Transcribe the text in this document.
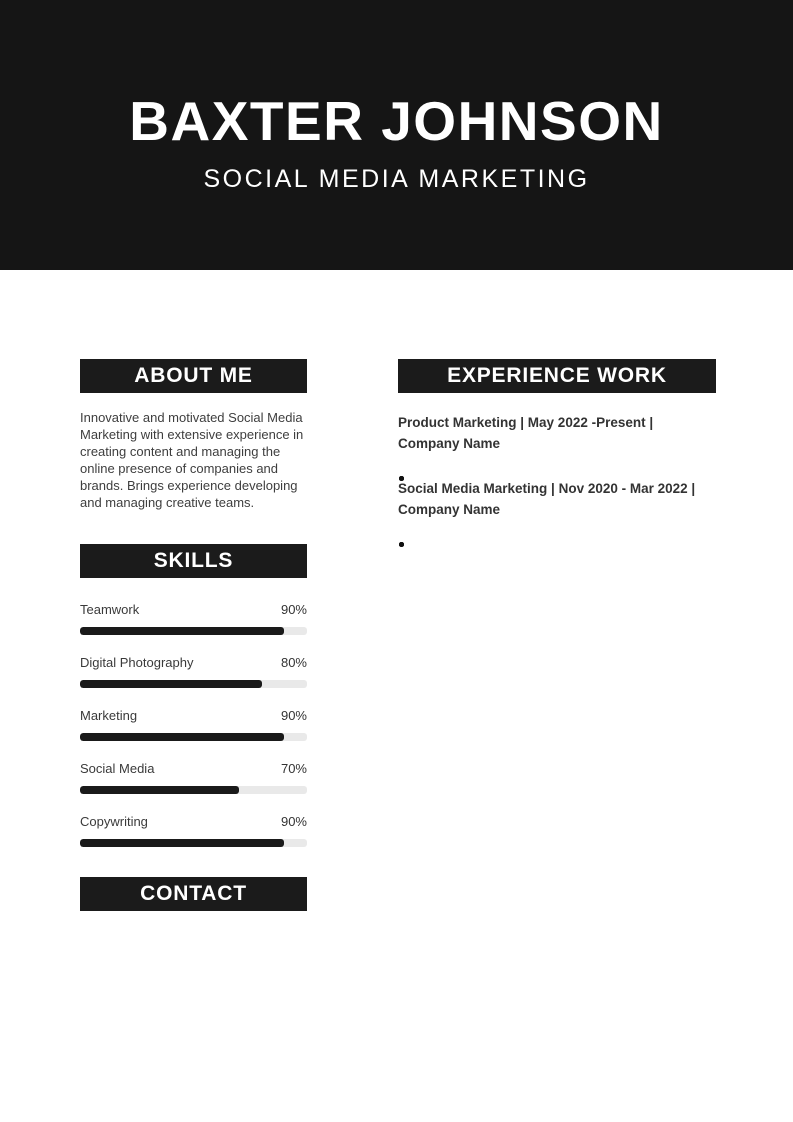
BAXTER JOHNSON
SOCIAL MEDIA MARKETING
ABOUT ME
Innovative and motivated Social Media Marketing with extensive experience in creating content and managing the online presence of companies and brands. Brings experience developing and managing creative teams.
SKILLS
Teamwork	90%
Digital Photography	80%
Marketing	90%
Social Media	70%
Copywriting	90%
CONTACT
EXPERIENCE WORK
Product Marketing | May 2022 -Present | Company Name
Social Media Marketing | Nov 2020 - Mar 2022 | Company Name
